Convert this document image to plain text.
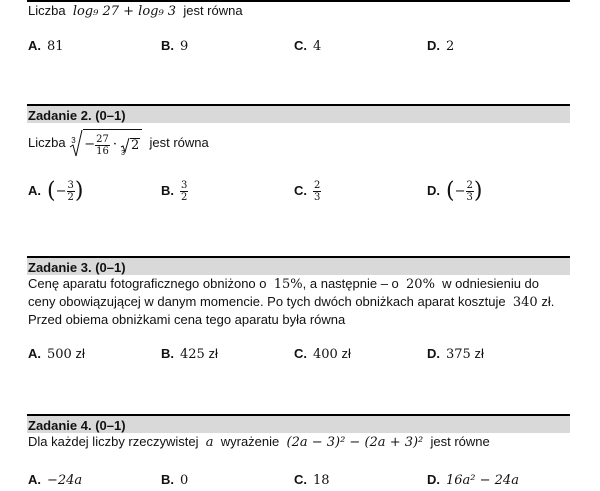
Liczba log₉ 27 + log₉ 3 jest równa
A. 81	B. 9	C. 4	D. 2
Zadanie 2. (0–1)
Liczba $3 - \frac{27}{16}$ ·
3
2 jest równa
A. (− $\frac{3}{2}$ )	B. $\frac{3}{2}$	C. $\frac{2}{3}$	D. (− $\frac{2}{3}$ )
Zadanie 3. (0–1)
Cenę aparatu fotograficznego obniżono o 15%, a następnie – o 20% w odniesieniu do
ceny obowiązującej w danym momencie. Po tych dwóch obniżkach aparat kosztuje 340 zł.
Przed obiema obniżkami cena tego aparatu była równa
A. 500 zł	B. 425 zł	C. 400 zł	D. 375 zł
Zadanie 4. (0–1)
Dla każdej liczby rzeczywistej a wyrażenie (2a − 3)² − (2a + 3)² jest równe
A. −24a	B. 0	C. 18	D. 16a² − 24a
